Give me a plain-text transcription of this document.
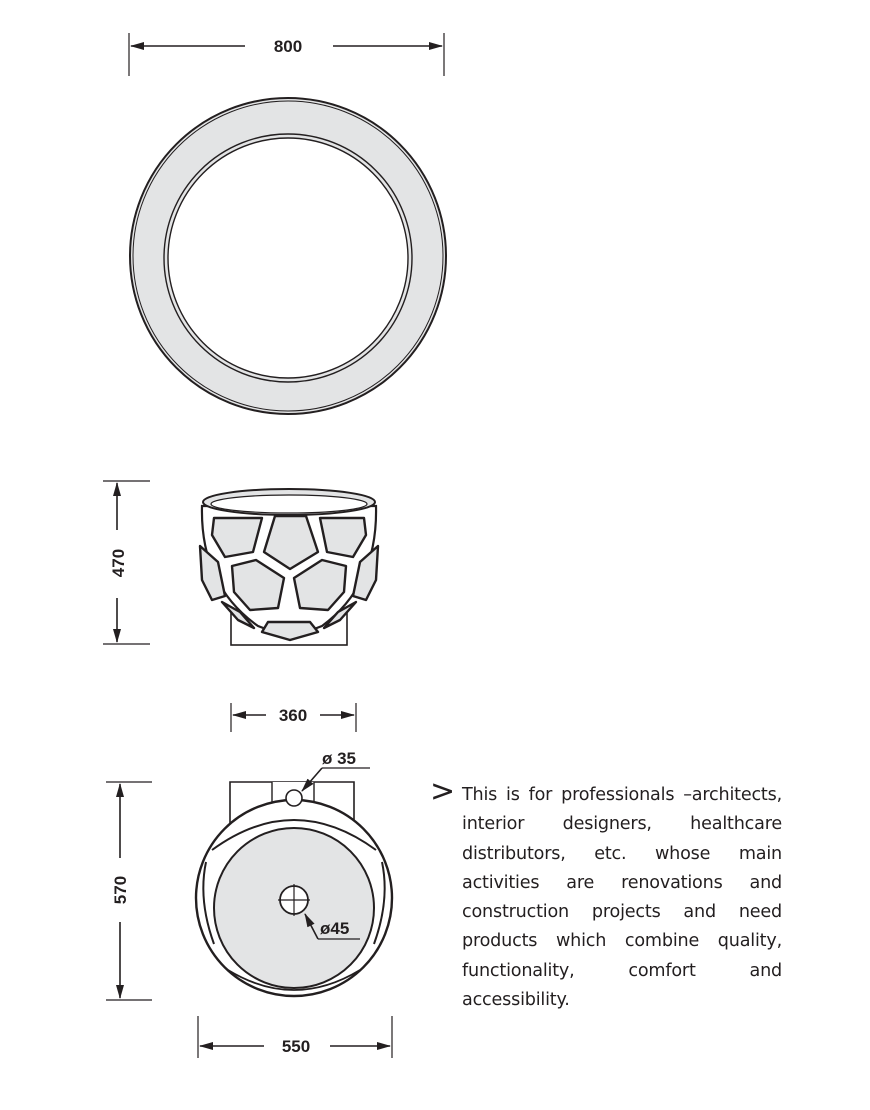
800
470
360
570
ø 35
ø45
550
> This is for professionals –architects, interior designers, healthcare distributors, etc. whose main activities are renovations and construction projects and need products which combine quality, functionality, comfort and accessibility.
